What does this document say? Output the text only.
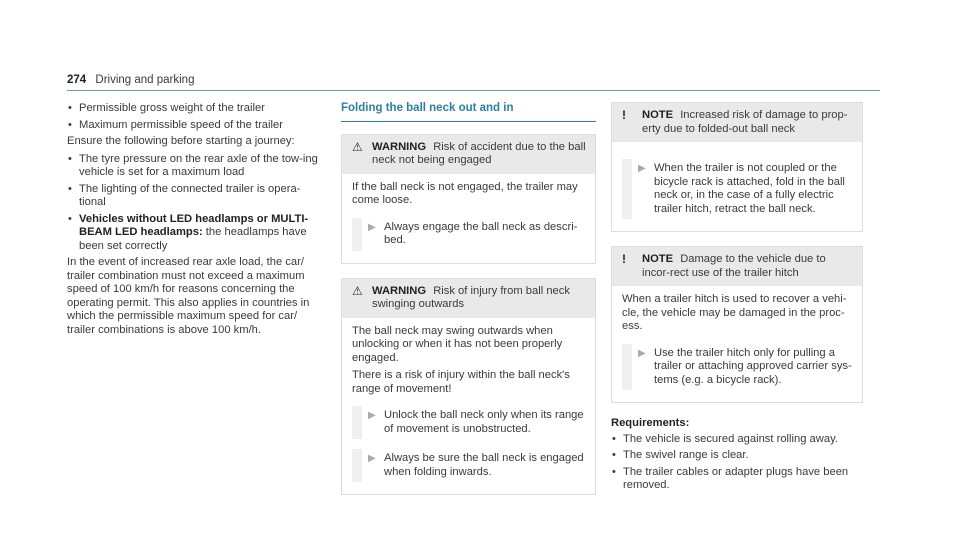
274 Driving and parking
• Permissible gross weight of the trailer
• Maximum permissible speed of the trailer

Ensure the following before starting a journey:

• The tyre pressure on the rear axle of the tow-ing vehicle is set for a maximum load
• The lighting of the connected trailer is opera-tional
• Vehicles without LED headlamps or MULTI-BEAM LED headlamps: the headlamps have been set correctly

In the event of increased rear axle load, the car/ trailer combination must not exceed a maximum speed of 100 km/h for reasons concerning the operating permit. This also applies in countries in which the permissible maximum speed for car/ trailer combinations is above 100 km/h.

Folding the ball neck out and in
⚠ WARNING Risk of accident due to the ball neck not being engaged

If the ball neck is not engaged, the trailer may come loose.

▶ Always engage the ball neck as descri-bed.
⚠ WARNING Risk of injury from ball neck swinging outwards

The ball neck may swing outwards when unlocking or when it has not been properly engaged.

There is a risk of injury within the ball neck's range of movement!

▶ Unlock the ball neck only when its range of movement is unobstructed.
▶ Always be sure the ball neck is engaged when folding inwards.
! NOTE Increased risk of damage to prop-erty due to folded-out ball neck
▶ When the trailer is not coupled or the bicycle rack is attached, fold in the ball neck or, in the case of a fully electric trailer hitch, retract the ball neck.
! NOTE Damage to the vehicle due to incor-rect use of the trailer hitch

When a trailer hitch is used to recover a vehi-cle, the vehicle may be damaged in the proc-ess.

▶ Use the trailer hitch only for pulling a trailer or attaching approved carrier sys-tems (e.g. a bicycle rack).
Requirements:
• The vehicle is secured against rolling away.
• The swivel range is clear.
• The trailer cables or adapter plugs have been removed.
